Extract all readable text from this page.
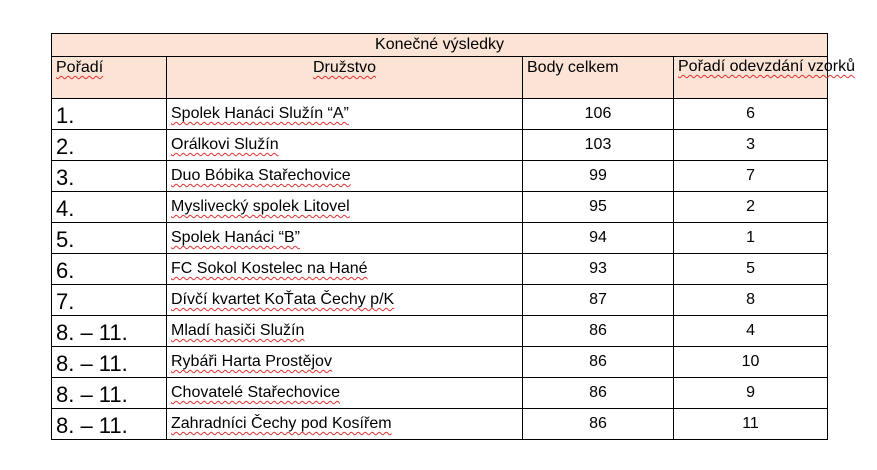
Konečné výsledky			
Pořadí	Družstvo	Body celkem	Pořadí odevzdání vzorků
1.	Spolek Hanáci Služín “A”	106	6
2.	Orálkovi Služín	103	3
3.	Duo Bóbika Stařechovice	99	7
4.	Myslivecký spolek Litovel	95	2
5.	Spolek Hanáci “B”	94	1
6.	FC Sokol Kostelec na Hané	93	5
7.	Dívčí kvartet KoŤata Čechy p/K	87	8
8. – 11.	Mladí hasiči Služín	86	4
8. – 11.	Rybáři Harta Prostějov	86	10
8. – 11.	Chovatelé Stařechovice	86	9
8. – 11.	Zahradníci Čechy pod Kosířem	86	11
